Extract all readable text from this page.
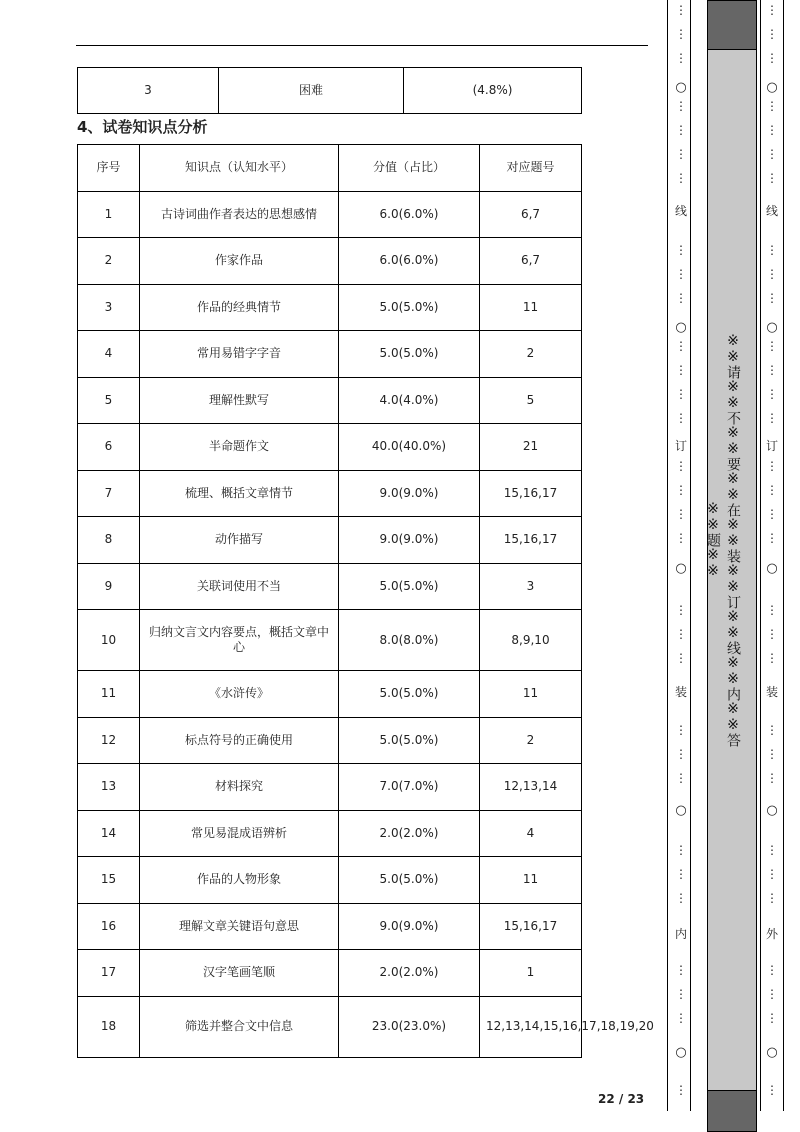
3	困难	(4.8%)
4、试卷知识点分析
序号	知识点（认知水平）	分值（占比）	对应题号
1	古诗词曲作者表达的思想感情	6.0(6.0%)	6,7
2	作家作品	6.0(6.0%)	6,7
3	作品的经典情节	5.0(5.0%)	11
4	常用易错字字音	5.0(5.0%)	2
5	理解性默写	4.0(4.0%)	5
6	半命题作文	40.0(40.0%)	21
7	梳理、概括文章情节	9.0(9.0%)	15,16,17
8	动作描写	9.0(9.0%)	15,16,17
9	关联词使用不当	5.0(5.0%)	3
10	归纳文言文内容要点，概括文章中心	8.0(8.0%)	8,9,10
11	《水浒传》	5.0(5.0%)	11
12	标点符号的正确使用	5.0(5.0%)	2
13	材料探究	7.0(7.0%)	12,13,14
14	常见易混成语辨析	2.0(2.0%)	4
15	作品的人物形象	5.0(5.0%)	11
16	理解文章关键语句意思	9.0(9.0%)	15,16,17
17	汉字笔画笔顺	2.0(2.0%)	1
18	筛选并整合文中信息	23.0(23.0%)	12,13,14,15,16,17,18,19,20
22 / 23
线
订
装
内
○
○
○
○
○
⋮
⋮
⋮
⋮
⋮
⋮
⋮
⋮
⋮
⋮
⋮
⋮
⋮
⋮
⋮
⋮
⋮
⋮
⋮
⋮
⋮
⋮
⋮
⋮
⋮
⋮
⋮
⋮
⋮
⋮
⋮
※※请※※不※※要※※在※※装※※订※※线※※内※※答※※题※※
线
订
装
外
○
○
○
○
○
⋮
⋮
⋮
⋮
⋮
⋮
⋮
⋮
⋮
⋮
⋮
⋮
⋮
⋮
⋮
⋮
⋮
⋮
⋮
⋮
⋮
⋮
⋮
⋮
⋮
⋮
⋮
⋮
⋮
⋮
⋮
